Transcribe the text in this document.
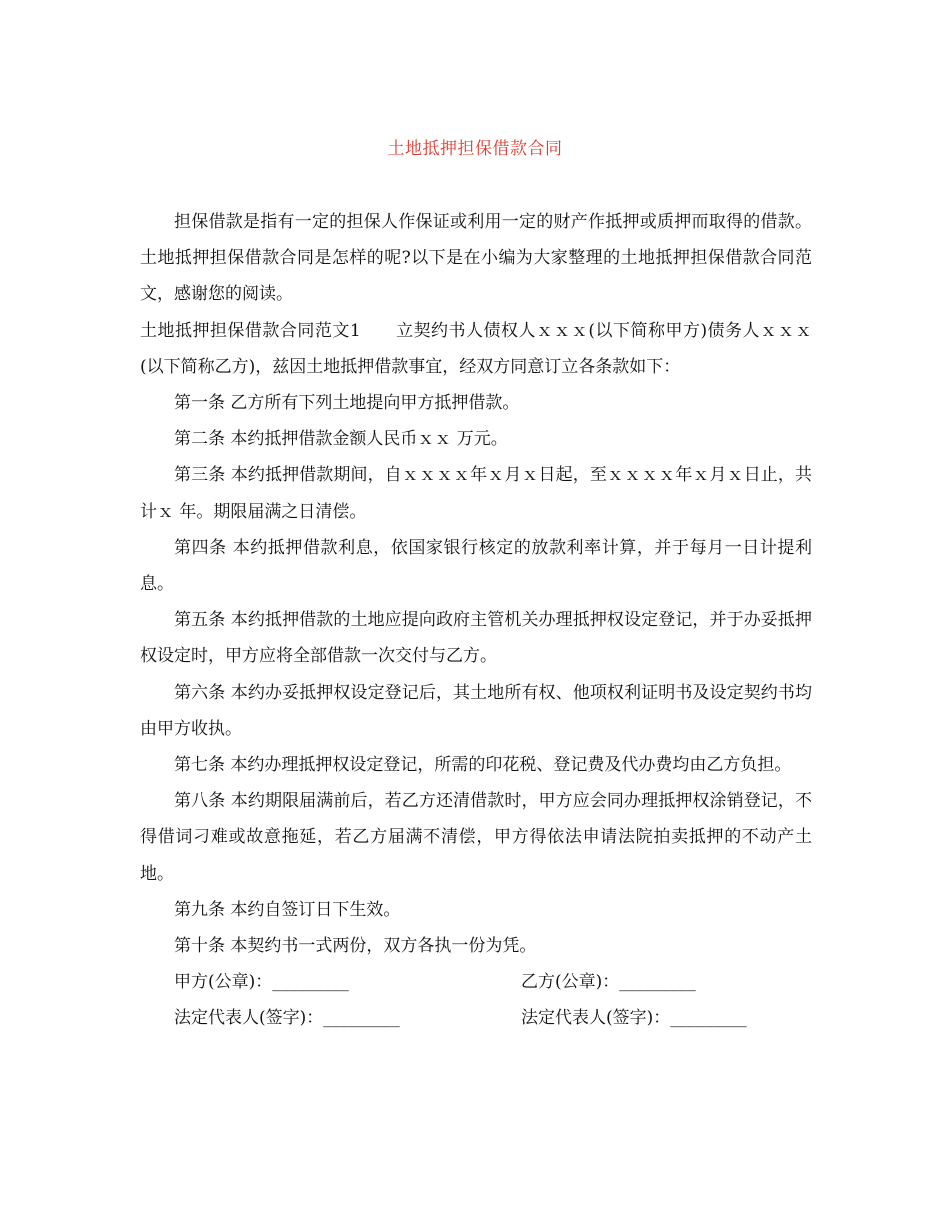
土地抵押担保借款合同

担保借款是指有一定的担保人作保证或利用一定的财产作抵押或质押而取得的借款。土地抵押担保借款合同是怎样的呢?以下是在小编为大家整理的土地抵押担保借款合同范文，感谢您的阅读。

土地抵押担保借款合同范文1　　立契约书人债权人ｘｘｘ(以下简称甲方)债务人ｘｘｘ(以下简称乙方)，兹因土地抵押借款事宜，经双方同意订立各条款如下：

第一条 乙方所有下列土地提向甲方抵押借款。

第二条 本约抵押借款金额人民币ｘｘ 万元。

第三条 本约抵押借款期间，自ｘｘｘｘ年ｘ月ｘ日起，至ｘｘｘｘ年ｘ月ｘ日止，共计ｘ 年。期限届满之日清偿。

第四条 本约抵押借款利息，依国家银行核定的放款利率计算，并于每月一日计提利息。

第五条 本约抵押借款的土地应提向政府主管机关办理抵押权设定登记，并于办妥抵押权设定时，甲方应将全部借款一次交付与乙方。

第六条 本约办妥抵押权设定登记后，其土地所有权、他项权利证明书及设定契约书均由甲方收执。

第七条 本约办理抵押权设定登记，所需的印花税、登记费及代办费均由乙方负担。

第八条 本约期限届满前后，若乙方还清借款时，甲方应会同办理抵押权涂销登记，不得借词刁难或故意拖延，若乙方届满不清偿，甲方得依法申请法院拍卖抵押的不动产土地。

第九条 本约自签订日下生效。

第十条 本契约书一式两份，双方各执一份为凭。

甲方(公章)：_________	乙方(公章)：_________
法定代表人(签字)：_________	法定代表人(签字)：_________
